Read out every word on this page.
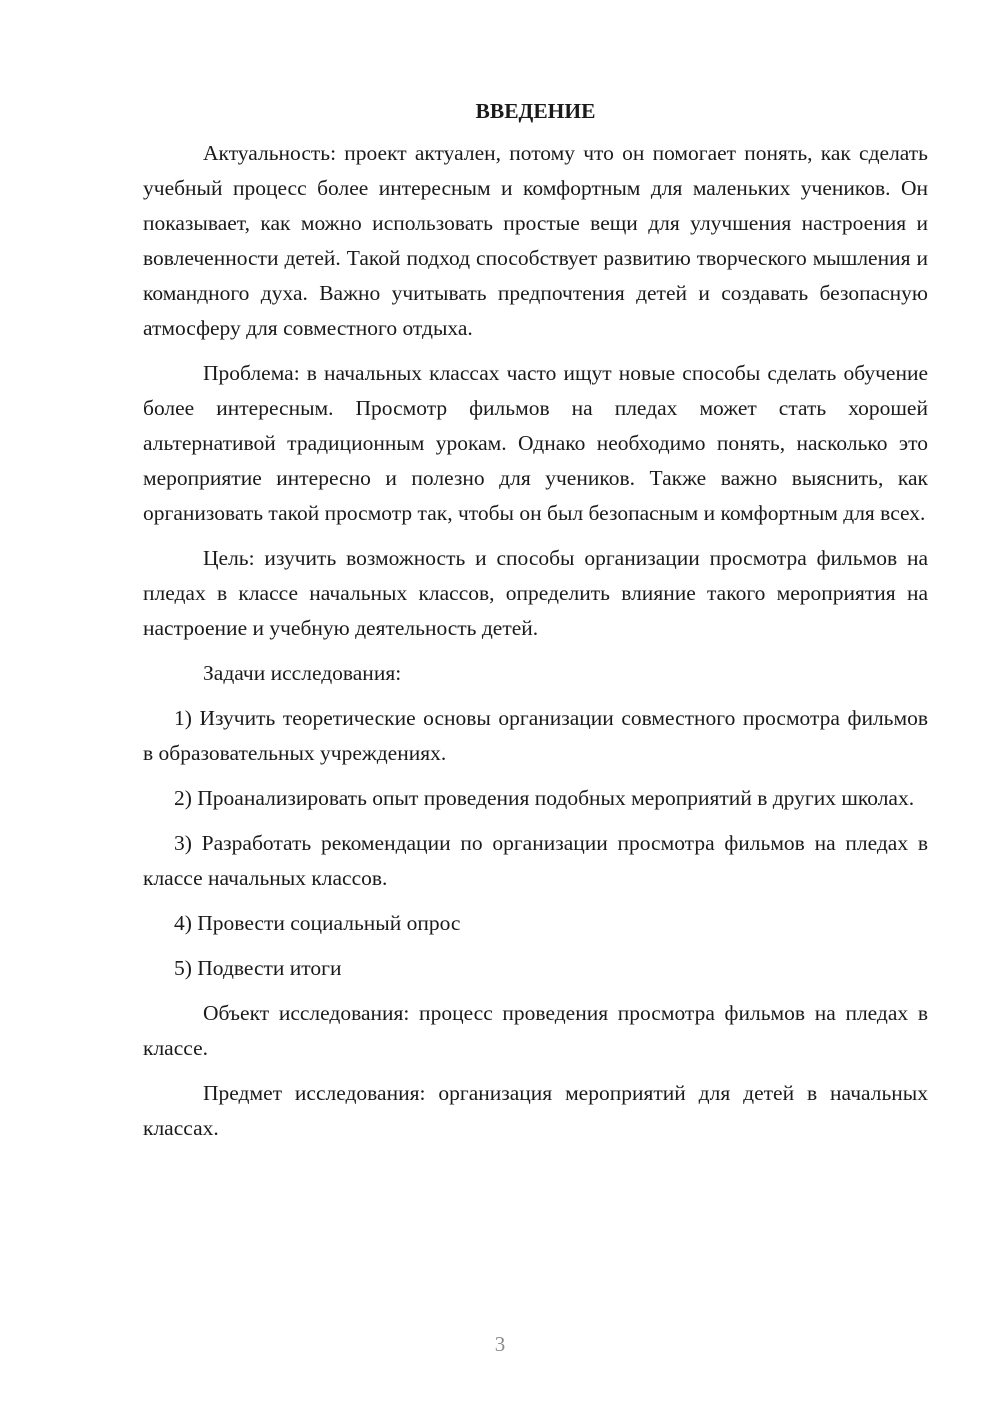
ВВЕДЕНИЕ

Актуальность: проект актуален, потому что он помогает понять, как сделать учебный процесс более интересным и комфортным для маленьких учеников. Он показывает, как можно использовать простые вещи для улучшения настроения и вовлеченности детей. Такой подход способствует развитию творческого мышления и командного духа. Важно учитывать предпочтения детей и создавать безопасную атмосферу для совместного отдыха.

Проблема: в начальных классах часто ищут новые способы сделать обучение более интересным. Просмотр фильмов на пледах может стать хорошей альтернативой традиционным урокам. Однако необходимо понять, насколько это мероприятие интересно и полезно для учеников. Также важно выяснить, как организовать такой просмотр так, чтобы он был безопасным и комфортным для всех.

Цель: изучить возможность и способы организации просмотра фильмов на пледах в классе начальных классов, определить влияние такого мероприятия на настроение и учебную деятельность детей.

Задачи исследования:

1) Изучить теоретические основы организации совместного просмотра фильмов в образовательных учреждениях.

2) Проанализировать опыт проведения подобных мероприятий в других школах.

3) Разработать рекомендации по организации просмотра фильмов на пледах в классе начальных классов.

4) Провести социальный опрос

5) Подвести итоги

Объект исследования: процесс проведения просмотра фильмов на пледах в классе.

Предмет исследования: организация мероприятий для детей в начальных классах.

3
